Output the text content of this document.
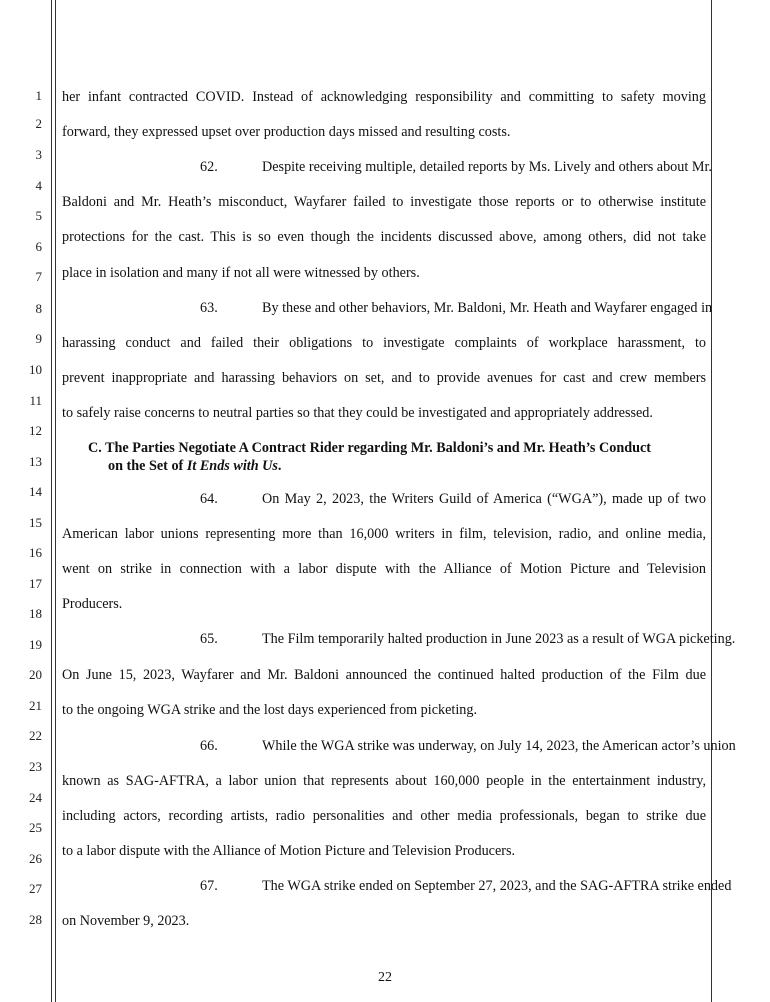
1
2
3
4
5
6
7
8
9
10
11
12
13
14
15
16
17
18
19
20
21
22
23
24
25
26
27
28
her infant contracted COVID. Instead of acknowledging responsibility and committing to safety moving
forward, they expressed upset over production days missed and resulting costs.
62.	Despite receiving multiple, detailed reports by Ms. Lively and others about Mr.
Baldoni and Mr. Heath’s misconduct, Wayfarer failed to investigate those reports or to otherwise institute
protections for the cast. This is so even though the incidents discussed above, among others, did not take
place in isolation and many if not all were witnessed by others.
63.	By these and other behaviors, Mr. Baldoni, Mr. Heath and Wayfarer engaged in
harassing conduct and failed their obligations to investigate complaints of workplace harassment, to
prevent inappropriate and harassing behaviors on set, and to provide avenues for cast and crew members
to safely raise concerns to neutral parties so that they could be investigated and appropriately addressed.
C. The Parties Negotiate A Contract Rider regarding Mr. Baldoni’s and Mr. Heath’s Conduct
on the Set of It Ends with Us.
64.	On May 2, 2023, the Writers Guild of America (“WGA”), made up of two
American labor unions representing more than 16,000 writers in film, television, radio, and online media,
went on strike in connection with a labor dispute with the Alliance of Motion Picture and Television
Producers.
65.	The Film temporarily halted production in June 2023 as a result of WGA picketing.
On June 15, 2023, Wayfarer and Mr. Baldoni announced the continued halted production of the Film due
to the ongoing WGA strike and the lost days experienced from picketing.
66.	While the WGA strike was underway, on July 14, 2023, the American actor’s union
known as SAG-AFTRA, a labor union that represents about 160,000 people in the entertainment industry,
including actors, recording artists, radio personalities and other media professionals, began to strike due
to a labor dispute with the Alliance of Motion Picture and Television Producers.
67.	The WGA strike ended on September 27, 2023, and the SAG-AFTRA strike ended
on November 9, 2023.
22
